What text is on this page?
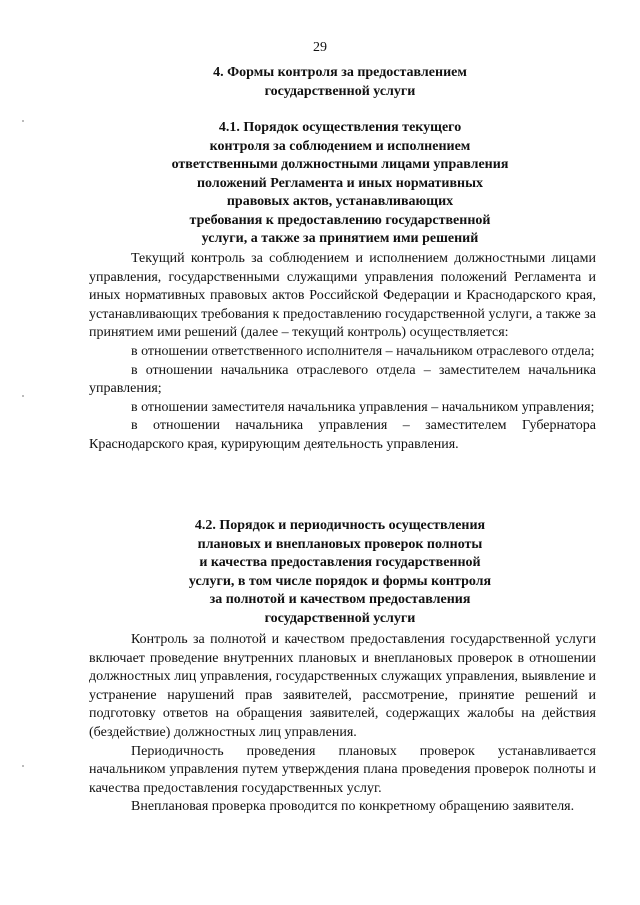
29
4. Формы контроля за предоставлением
государственной услуги
4.1. Порядок осуществления текущего
контроля за соблюдением и исполнением
ответственными должностными лицами управления
положений Регламента и иных нормативных
правовых актов, устанавливающих
требования к предоставлению государственной
услуги, а также за принятием ими решений

Текущий контроль за соблюдением и исполнением должностными лицами управления, государственными служащими управления положений Регламента и иных нормативных правовых актов Российской Федерации и Краснодарского края, устанавливающих требования к предоставлению государственной услуги, а также за принятием ими решений (далее – текущий контроль) осуществляется:

в отношении ответственного исполнителя – начальником отраслевого отдела;

в отношении начальника отраслевого отдела – заместителем начальника управления;

в отношении заместителя начальника управления – начальником управления;

в отношении начальника управления – заместителем Губернатора Краснодарского края, курирующим деятельность управления.

4.2. Порядок и периодичность осуществления
плановых и внеплановых проверок полноты
и качества предоставления государственной
услуги, в том числе порядок и формы контроля
за полнотой и качеством предоставления
государственной услуги

Контроль за полнотой и качеством предоставления государственной услуги включает проведение внутренних плановых и внеплановых проверок в отношении должностных лиц управления, государственных служащих управления, выявление и устранение нарушений прав заявителей, рассмотрение, принятие решений и подготовку ответов на обращения заявителей, содержащих жалобы на действия (бездействие) должностных лиц управления.

Периодичность проведения плановых проверок устанавливается начальником управления путем утверждения плана проведения проверок полноты и качества предоставления государственных услуг.

Внеплановая проверка проводится по конкретному обращению заявителя.
